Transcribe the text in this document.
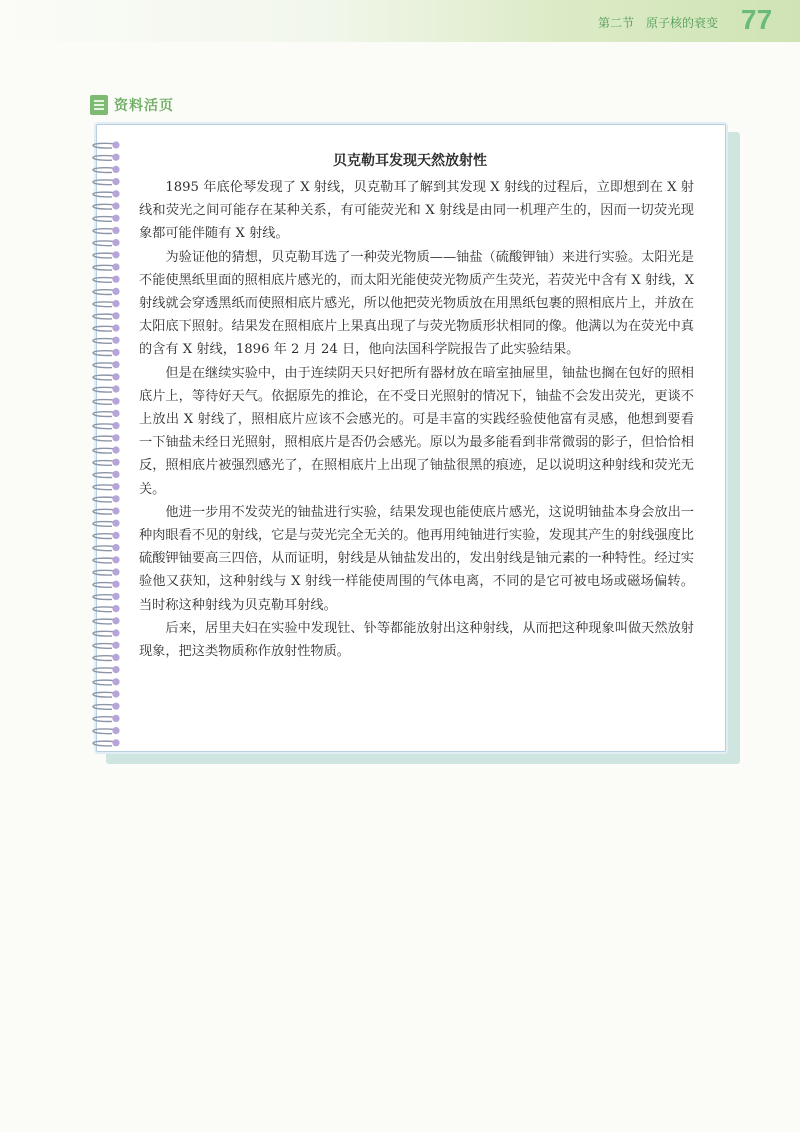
第二节　原子核的衰变 77
资料活页
贝克勒耳发现天然放射性

1895 年底伦琴发现了 X 射线，贝克勒耳了解到其发现 X 射线的过程后，立即想到在 X 射线和荧光之间可能存在某种关系，有可能荧光和 X 射线是由同一机理产生的，因而一切荧光现象都可能伴随有 X 射线。

为验证他的猜想，贝克勒耳选了一种荧光物质——铀盐（硫酸钾铀）来进行实验。太阳光是不能使黑纸里面的照相底片感光的，而太阳光能使荧光物质产生荧光，若荧光中含有 X 射线，X 射线就会穿透黑纸而使照相底片感光，所以他把荧光物质放在用黑纸包裹的照相底片上，并放在太阳底下照射。结果发在照相底片上果真出现了与荧光物质形状相同的像。他满以为在荧光中真的含有 X 射线，1896 年 2 月 24 日，他向法国科学院报告了此实验结果。

但是在继续实验中，由于连续阴天只好把所有器材放在暗室抽屉里，铀盐也搁在包好的照相底片上，等待好天气。依据原先的推论，在不受日光照射的情况下，铀盐不会发出荧光，更谈不上放出 X 射线了，照相底片应该不会感光的。可是丰富的实践经验使他富有灵感，他想到要看一下铀盐未经日光照射，照相底片是否仍会感光。原以为最多能看到非常微弱的影子，但恰恰相反，照相底片被强烈感光了，在照相底片上出现了铀盐很黑的痕迹，足以说明这种射线和荧光无关。

他进一步用不发荧光的铀盐进行实验，结果发现也能使底片感光，这说明铀盐本身会放出一种肉眼看不见的射线，它是与荧光完全无关的。他再用纯铀进行实验，发现其产生的射线强度比硫酸钾铀要高三四倍，从而证明，射线是从铀盐发出的，发出射线是铀元素的一种特性。经过实验他又获知，这种射线与 X 射线一样能使周围的气体电离，不同的是它可被电场或磁场偏转。当时称这种射线为贝克勒耳射线。

后来，居里夫妇在实验中发现钍、钋等都能放射出这种射线，从而把这种现象叫做天然放射现象，把这类物质称作放射性物质。
